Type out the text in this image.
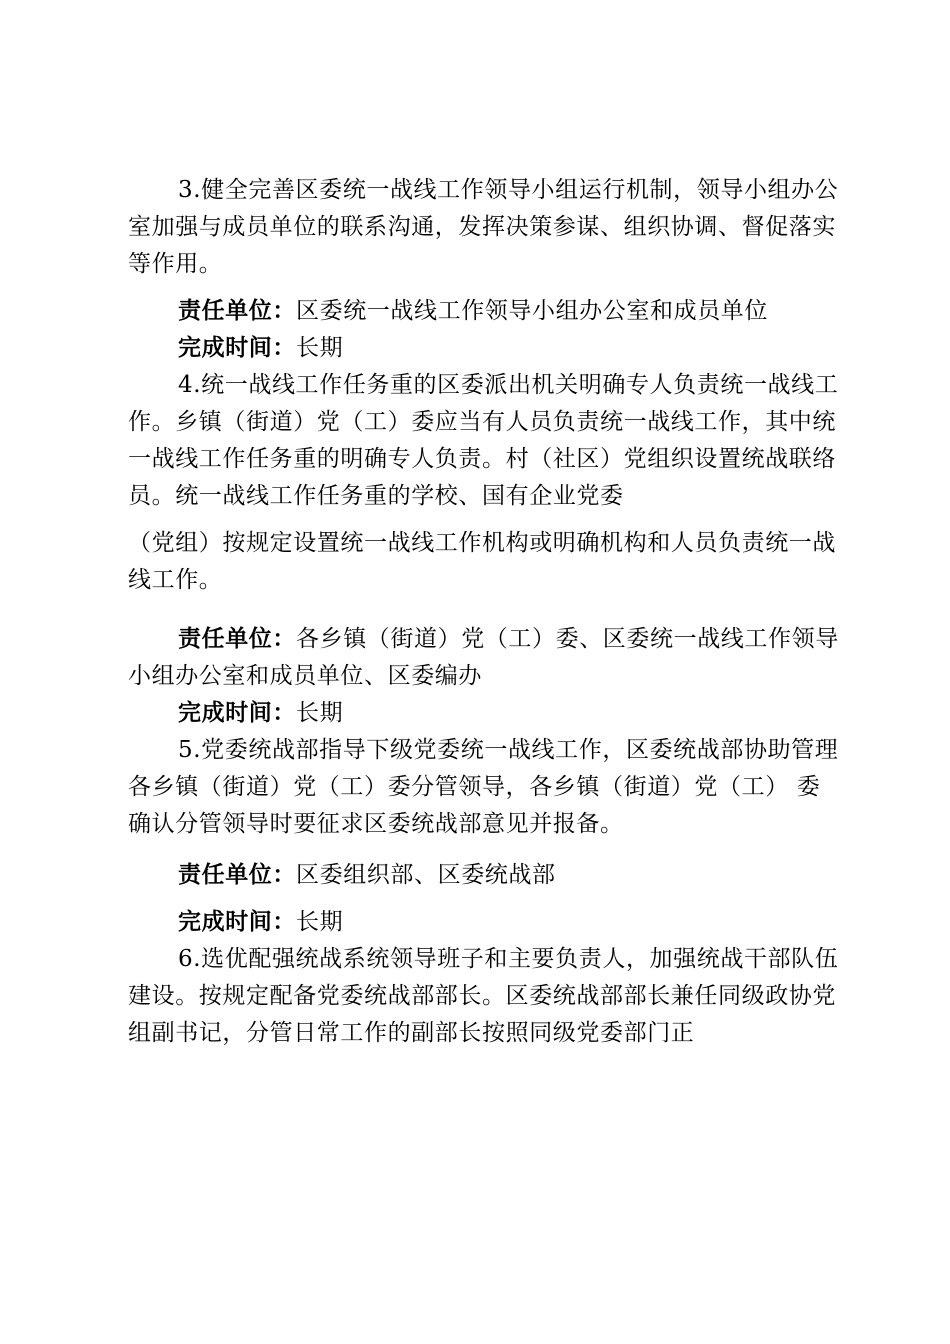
3.健全完善区委统一战线工作领导小组运行机制，领导小组办公室加强与成员单位的联系沟通，发挥决策参谋、组织协调、督促落实等作用。

责任单位：区委统一战线工作领导小组办公室和成员单位

完成时间：长期

4.统一战线工作任务重的区委派出机关明确专人负责统一战线工作。乡镇（街道）党（工）委应当有人员负责统一战线工作，其中统一战线工作任务重的明确专人负责。村（社区）党组织设置统战联络员。统一战线工作任务重的学校、国有企业党委

（党组）按规定设置统一战线工作机构或明确机构和人员负责统一战线工作。

责任单位：各乡镇（街道）党（工）委、区委统一战线工作领导小组办公室和成员单位、区委编办

完成时间：长期

5.党委统战部指导下级党委统一战线工作，区委统战部协助管理各乡镇（街道）党（工）委分管领导，各乡镇（街道）党（工） 委确认分管领导时要征求区委统战部意见并报备。

责任单位：区委组织部、区委统战部

完成时间：长期

6.选优配强统战系统领导班子和主要负责人，加强统战干部队伍建设。按规定配备党委统战部部长。区委统战部部长兼任同级政协党组副书记，分管日常工作的副部长按照同级党委部门正
